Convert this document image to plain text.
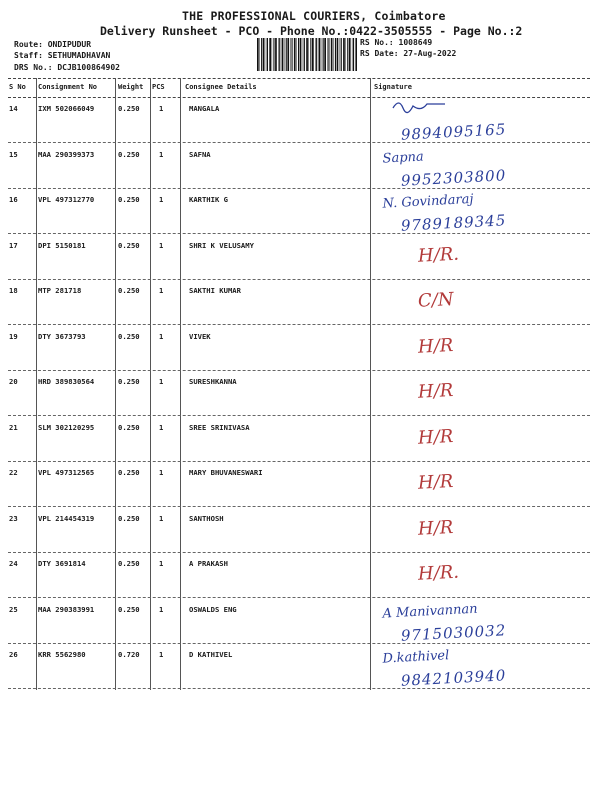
THE PROFESSIONAL COURIERS, Coimbatore
Delivery Runsheet - PCO - Phone No.:0422-3505555 - Page No.:2
Route: ONDIPUDUR
Staff: SETHUMADHAVAN
DRS No.: DCJB100864902
RS No.: 1008649
RS Date: 27-Aug-2022
S No Consignment No	Weight PCS	Consignee Details	Signature
14	IXM 502066049	0.250	1	MANGALA
9894095165
15	MAA 290399373	0.250	1	SAFNA	Sapna
9952303800
16	VPL 497312770	0.250	1	KARTHIK G	N. Govindaraj
9789189345
17	DPI 5150181	0.250	1	SHRI K VELUSAMY	H/R.
18	MTP 281718	0.250	1	SAKTHI KUMAR	C/N
19	DTY 3673793	0.250	1	VIVEK	H/R
20	HRD 389830564	0.250	1	SURESHKANNA	H/R
21	SLM 302120295	0.250	1	SREE SRINIVASA	H/R
22	VPL 497312565	0.250	1	MARY BHUVANESWARI	H/R
23	VPL 214454319	0.250	1	SANTHOSH	H/R
24	DTY 3691814	0.250	1	A PRAKASH	H/R.
25	MAA 290383991	0.250	1	OSWALDS ENG	A Manivannan
9715030032
26	KRR 5562980	0.720	1	D KATHIVEL	D.kathivel
9842103940
